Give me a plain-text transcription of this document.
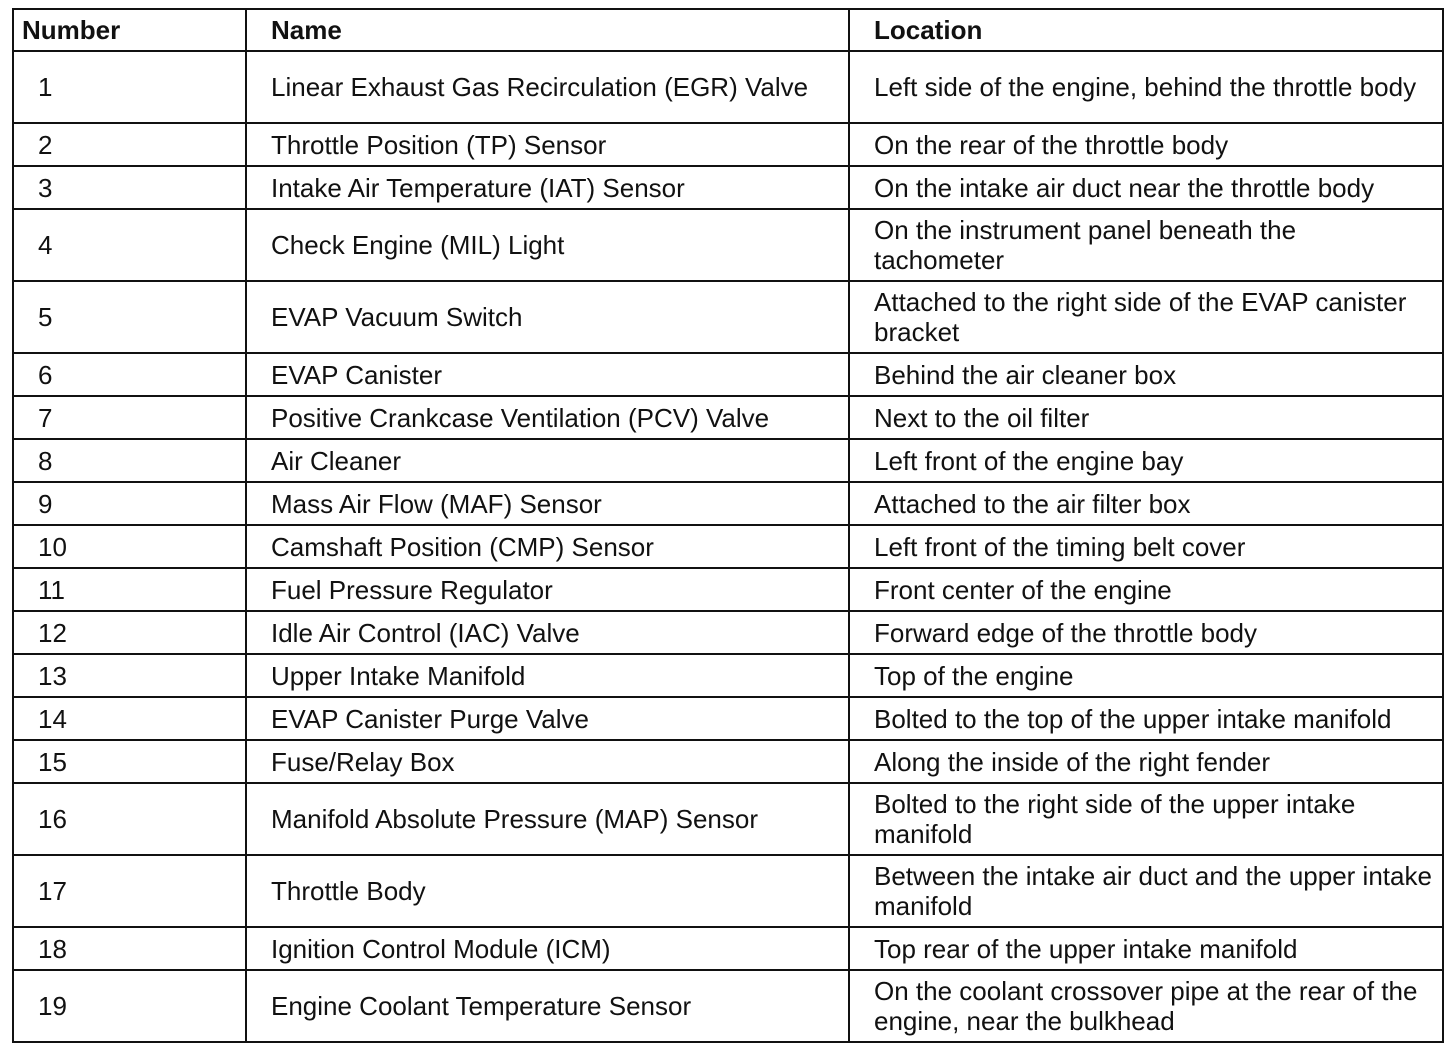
Number	Name	Location
1	Linear Exhaust Gas Recirculation (EGR) Valve	Left side of the engine, behind the throttle body
2	Throttle Position (TP) Sensor	On the rear of the throttle body
3	Intake Air Temperature (IAT) Sensor	On the intake air duct near the throttle body
4	Check Engine (MIL) Light	On the instrument panel beneath the tachometer
5	EVAP Vacuum Switch	Attached to the right side of the EVAP canister bracket
6	EVAP Canister	Behind the air cleaner box
7	Positive Crankcase Ventilation (PCV) Valve	Next to the oil filter
8	Air Cleaner	Left front of the engine bay
9	Mass Air Flow (MAF) Sensor	Attached to the air filter box
10	Camshaft Position (CMP) Sensor	Left front of the timing belt cover
11	Fuel Pressure Regulator	Front center of the engine
12	Idle Air Control (IAC) Valve	Forward edge of the throttle body
13	Upper Intake Manifold	Top of the engine
14	EVAP Canister Purge Valve	Bolted to the top of the upper intake manifold
15	Fuse/Relay Box	Along the inside of the right fender
16	Manifold Absolute Pressure (MAP) Sensor	Bolted to the right side of the upper intake manifold
17	Throttle Body	Between the intake air duct and the upper intake manifold
18	Ignition Control Module (ICM)	Top rear of the upper intake manifold
19	Engine Coolant Temperature Sensor	On the coolant crossover pipe at the rear of the engine, near the bulkhead
